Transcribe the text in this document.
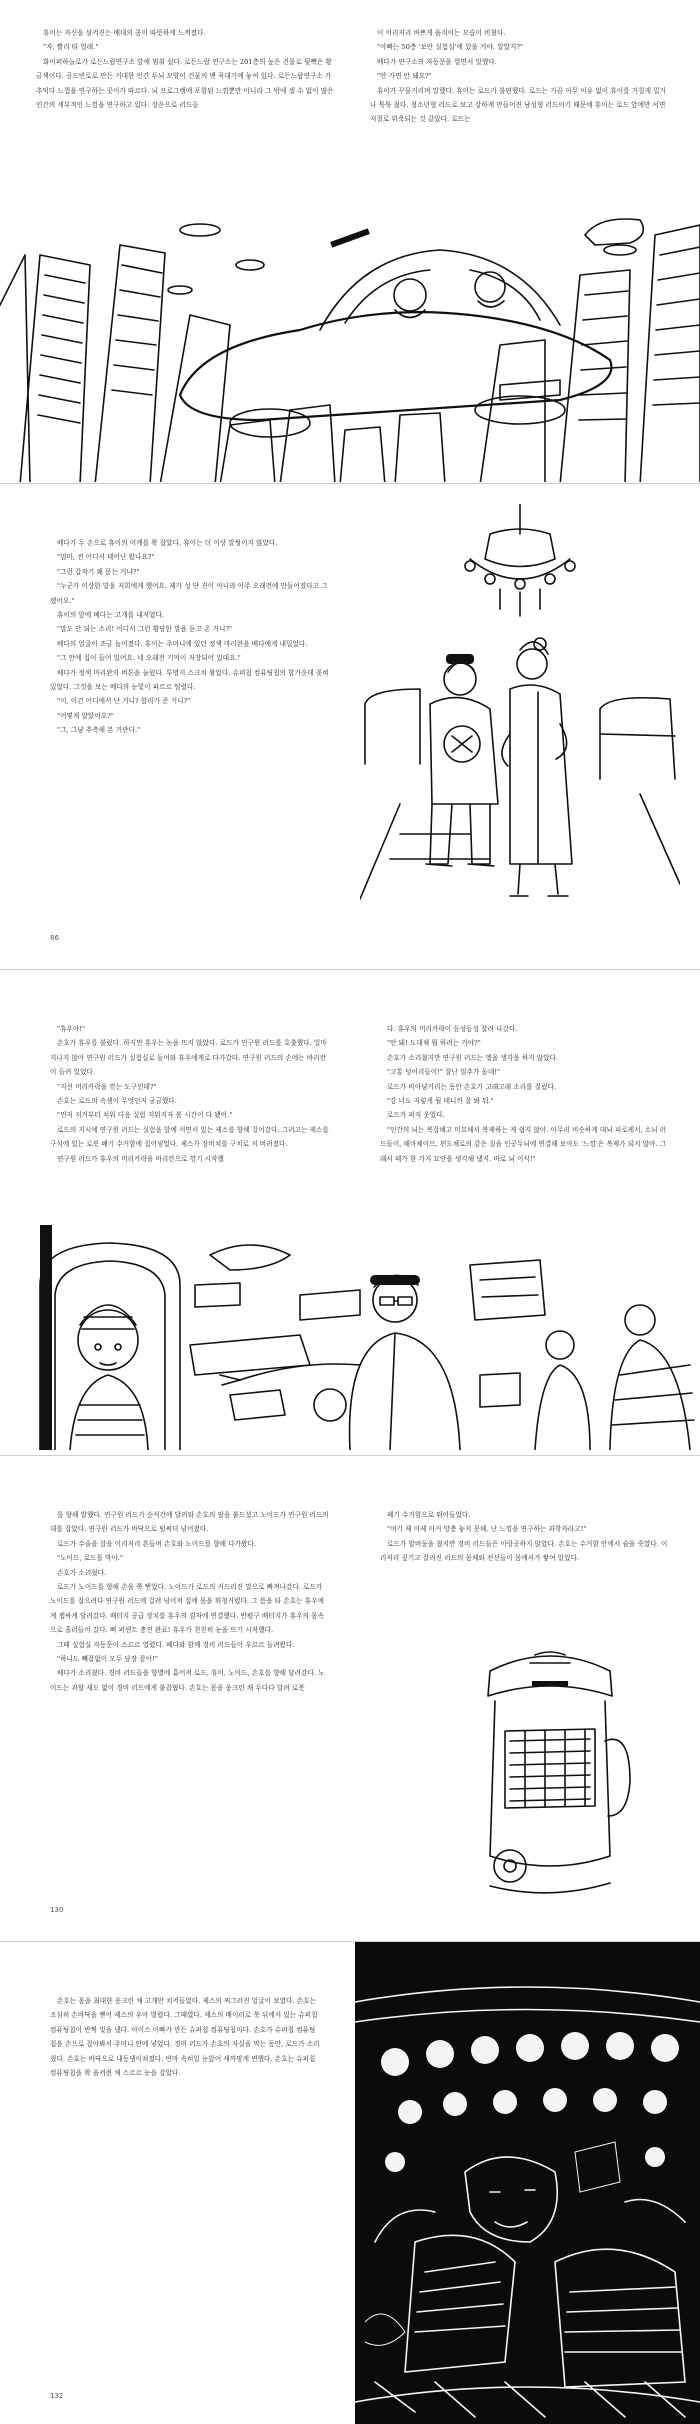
휴이는 자신을 삼켜진는 배대의 콤이 따뜻하게 느껴졌다.

"자, 빨리 타 얼레."

화이퍼하늘로가 로든느랍연구소 앞에 멈춰 섰다. 로든느랍 연구소는 201층의 높은 건물로 뒷빽은 황금색이다. 공드빈로로 만든 거대한 인간 두뇌 모양이 건물의 맨 꼭대기에 놓여 있다. 로든느랍연구소 가 추억다 느껍을 연구하는 곳이가 따르다. 뇌 프로그램에 포함된 느낌뿐만 아니라 그 밖에 셀 수 없이 많은 인간의 세부적인 느낌을 연구하고 있다. 장운으로 러드들

이 어리저리 바쁘게 움직이는 모습이 비쳤다.

"아빠는 50층 '보안 실험실'에 있을 거야. 알았지?"

베다가 연구소의 자동문을 열면서 말했다.

"안 가면 안 돼요?"

휴이가 꾸물거리며 말했다. 휴이는 로드가 불편했다. 로드는 가끔 아무 이유 없이 휴이를 거칠게 밀거나 툭툭 쳤다. 청소년형 러드로 보고 강하게 만들어진 남성형 러드이기 때문에 휴이는 로드 앞에만 서면 저절로 위축되는 것 같았다. 로드는

베다가 두 손으로 휴이의 어깨를 꽉 잡았다. 휴이는 더 이상 말썽이지 않았다.

"엄마, 전 어디서 태어난 왔나요?"

"그런 갑작기 왜 묻는 거냐?"

"누군가 이상한 말을 저희에게 했어요. 제가 성 단 진이 아니라 아주 오래전에 만들어졌다고 그랬어요."

휴이의 앞에 베다는 고개를 내저었다.

"말도 안 되는 소리! 어디서 그런 황당한 말을 듣고 온 거니?"

베다의 얼굴이 조금 놀어졌다. 휴이는 주머니에 있던 정색 마리완을 베다에게 내밀었다.

"그 안에 집이 들어 있어요. 네 오래전 기억이 저장되어 있대요."

베다가 정색 마리완의 버튼을 눌렀다. 투명지 스크치 왕었다. 슈퍼칩 컴퓨팅칩의 함가운데 꽂혀 있었다. 그것을 보는 베다의 눈빛이 파르르 떨렸다.

"이, 이건 어디에서 난 거니? 합리가 준 거니?"

"어떻게 알았어요?"

"그, 그냥 추측해 본 거란다."

86

"휴우아!"

손호가 휴우를 불렀다. 하지만 휴우는 눈을 뜨지 않았다. 로드가 연구원 러드를 호출했다. 얼마 지나지 않아 연구원 러드가 실험실로 들어와 휴우에게로 다가갔다. 연구원 러드의 손에는 바리칸이 들려 있었다.

"지선 머리카락을 깎는 도구인데?"

손호는 로드의 속셈이 무엇인지 궁금했다.

"먼저 저거부터 치워 다음 실험 지워지자 볼 시간이 다 됐어."

로드의 지시에 연구원 러드는 실험을 앞에 서면서 있는 제스를 향해 걸어갔다. 그러고는 제스를 구석에 있는 로봇 폐기 수거함에 집어넣었다. 제스가 장비치를 구치로 저 버려졌다.

연구원 러드가 휴우의 머리카락을 바리칸으로 깎기 시작했

다. 휴우의 머리카락이 듬성듬성 잘려 나갔다.

"안 돼! 도대체 뭘 하려는 거야?"

손호가 소리쳤지만 연구원 러드는 엘을 생각을 하지 않았다.

"고통 덩어리들이!" 잘난 얼추가 돌네!"

로드가 비아냥거리는 동안 손호가 고래고래 소리를 질렀다.

"감 너도 저렇게 될 테니까 잘 봐 둬."

로드가 퍼직 웃었다.

"인간의 뇌는 복잡해고 미묘해서 복제하는 게 쉽지 않아. 아무리 비슷하게 대뇌 피로케서, 소뇌 러드들이, 해마체이므, 편도체로의 같은 질을 인공두뇌에 연결해 보아도 '느낌'은 복제가 되지 않아. 그래서 태가 한 가지 묘안을 생각해 냈지. 바로 뇌 이식!"

를 향해 발했다. 연구원 러드가 순식간에 달려와 손호의 팔을 붙드셨고 노이드가 연구원 러드의 대를 잡았다. 연구원 러드가 바닥으로 털써더 넘어졌다.

로드가 수술을 잡을 이리저리 흔들며 손호와 노이드를 향해 다가왔다.

"노이드, 로드를 막아."

손호가 소리쳤다.

로드가 노이드를 향해 손을 쭉 뻗었다. 노이드가 로드의 커드러진 말으로 빠져나갔다. 로드가 노이드를 잡으려다 연구원 러드에 걸려 넘어져 집에 몸을 휘청거렸다. 그 틈을 타 손호는 휴우에게 잽싸게 달려갔다. 배터지 공급 장치를 휴우의 겸자에 연결했다. 반평구 배터지가 휴우의 몸속으로 흘러들어 갔다. 삐 퍼센트 충전 완료! 휴우가 천천히 눈을 뜨기 시작했다.

그때 실험실 자동문이 스르르 열렸다. 베다와 함께 경비 러드들이 우르르 들려왔다.

"하니도 빼잡없이 모두 당장 잡아!"

베다가 소리쳤다. 경비 러드들을 향별에 흩어져 로드, 휴이, 노이드, 손호를 향해 달려갔다. 노이드는 과할 새도 없이 경비 러드에게 붙잡혔다. 손호는 몸을 웅크린 채 두다다 달려 로봇

폐기 수거함으로 뛰어들었다.

"여기 제 이제 이거 망충 놓지 못해. 난 느낌을 연구하는 과학자라고!"

로드가 발버둥을 쳤지만 경비 러드들은 아랑곳하지 않았다. 손호는 수거함 안에서 숨을 죽였다. 이리저리 짚기고 잘려진 러드의 몸체와 전선들이 몸에서가 쌓여 있었다.

130

손호는 몸을 최대한 웅크린 채 고개만 치켜들었다. 제스의 찌그러진 얼굴이 보였다. 손호는 조심히 손바닥을 뻗어 제스의 우아 벌렸다. 그때였다. 제스의 배이러로 쑥 뒤에서 있는 슈퍼칩 컴퓨팅칩이 반짝 빛을 냈다. 아이스 이빠가 만든 슈퍼칩 컴퓨팅칩이다. 손호가 슈퍼칩 컴퓨팅칩을 손으로 잡아봐서 주머니 안에 넣었다. 경비 러드가 손호의 자실을 막는 동안, 로드가 소리쳤다. 손호는 바닥으로 내동댕이쳐졌다. 빈마 속히일 눈앞이 새까맣게 변했다. 손호는 슈퍼칩 컴퓨팅칩을 꽉 움켜쥔 채 스르르 눈을 감았다.

132
